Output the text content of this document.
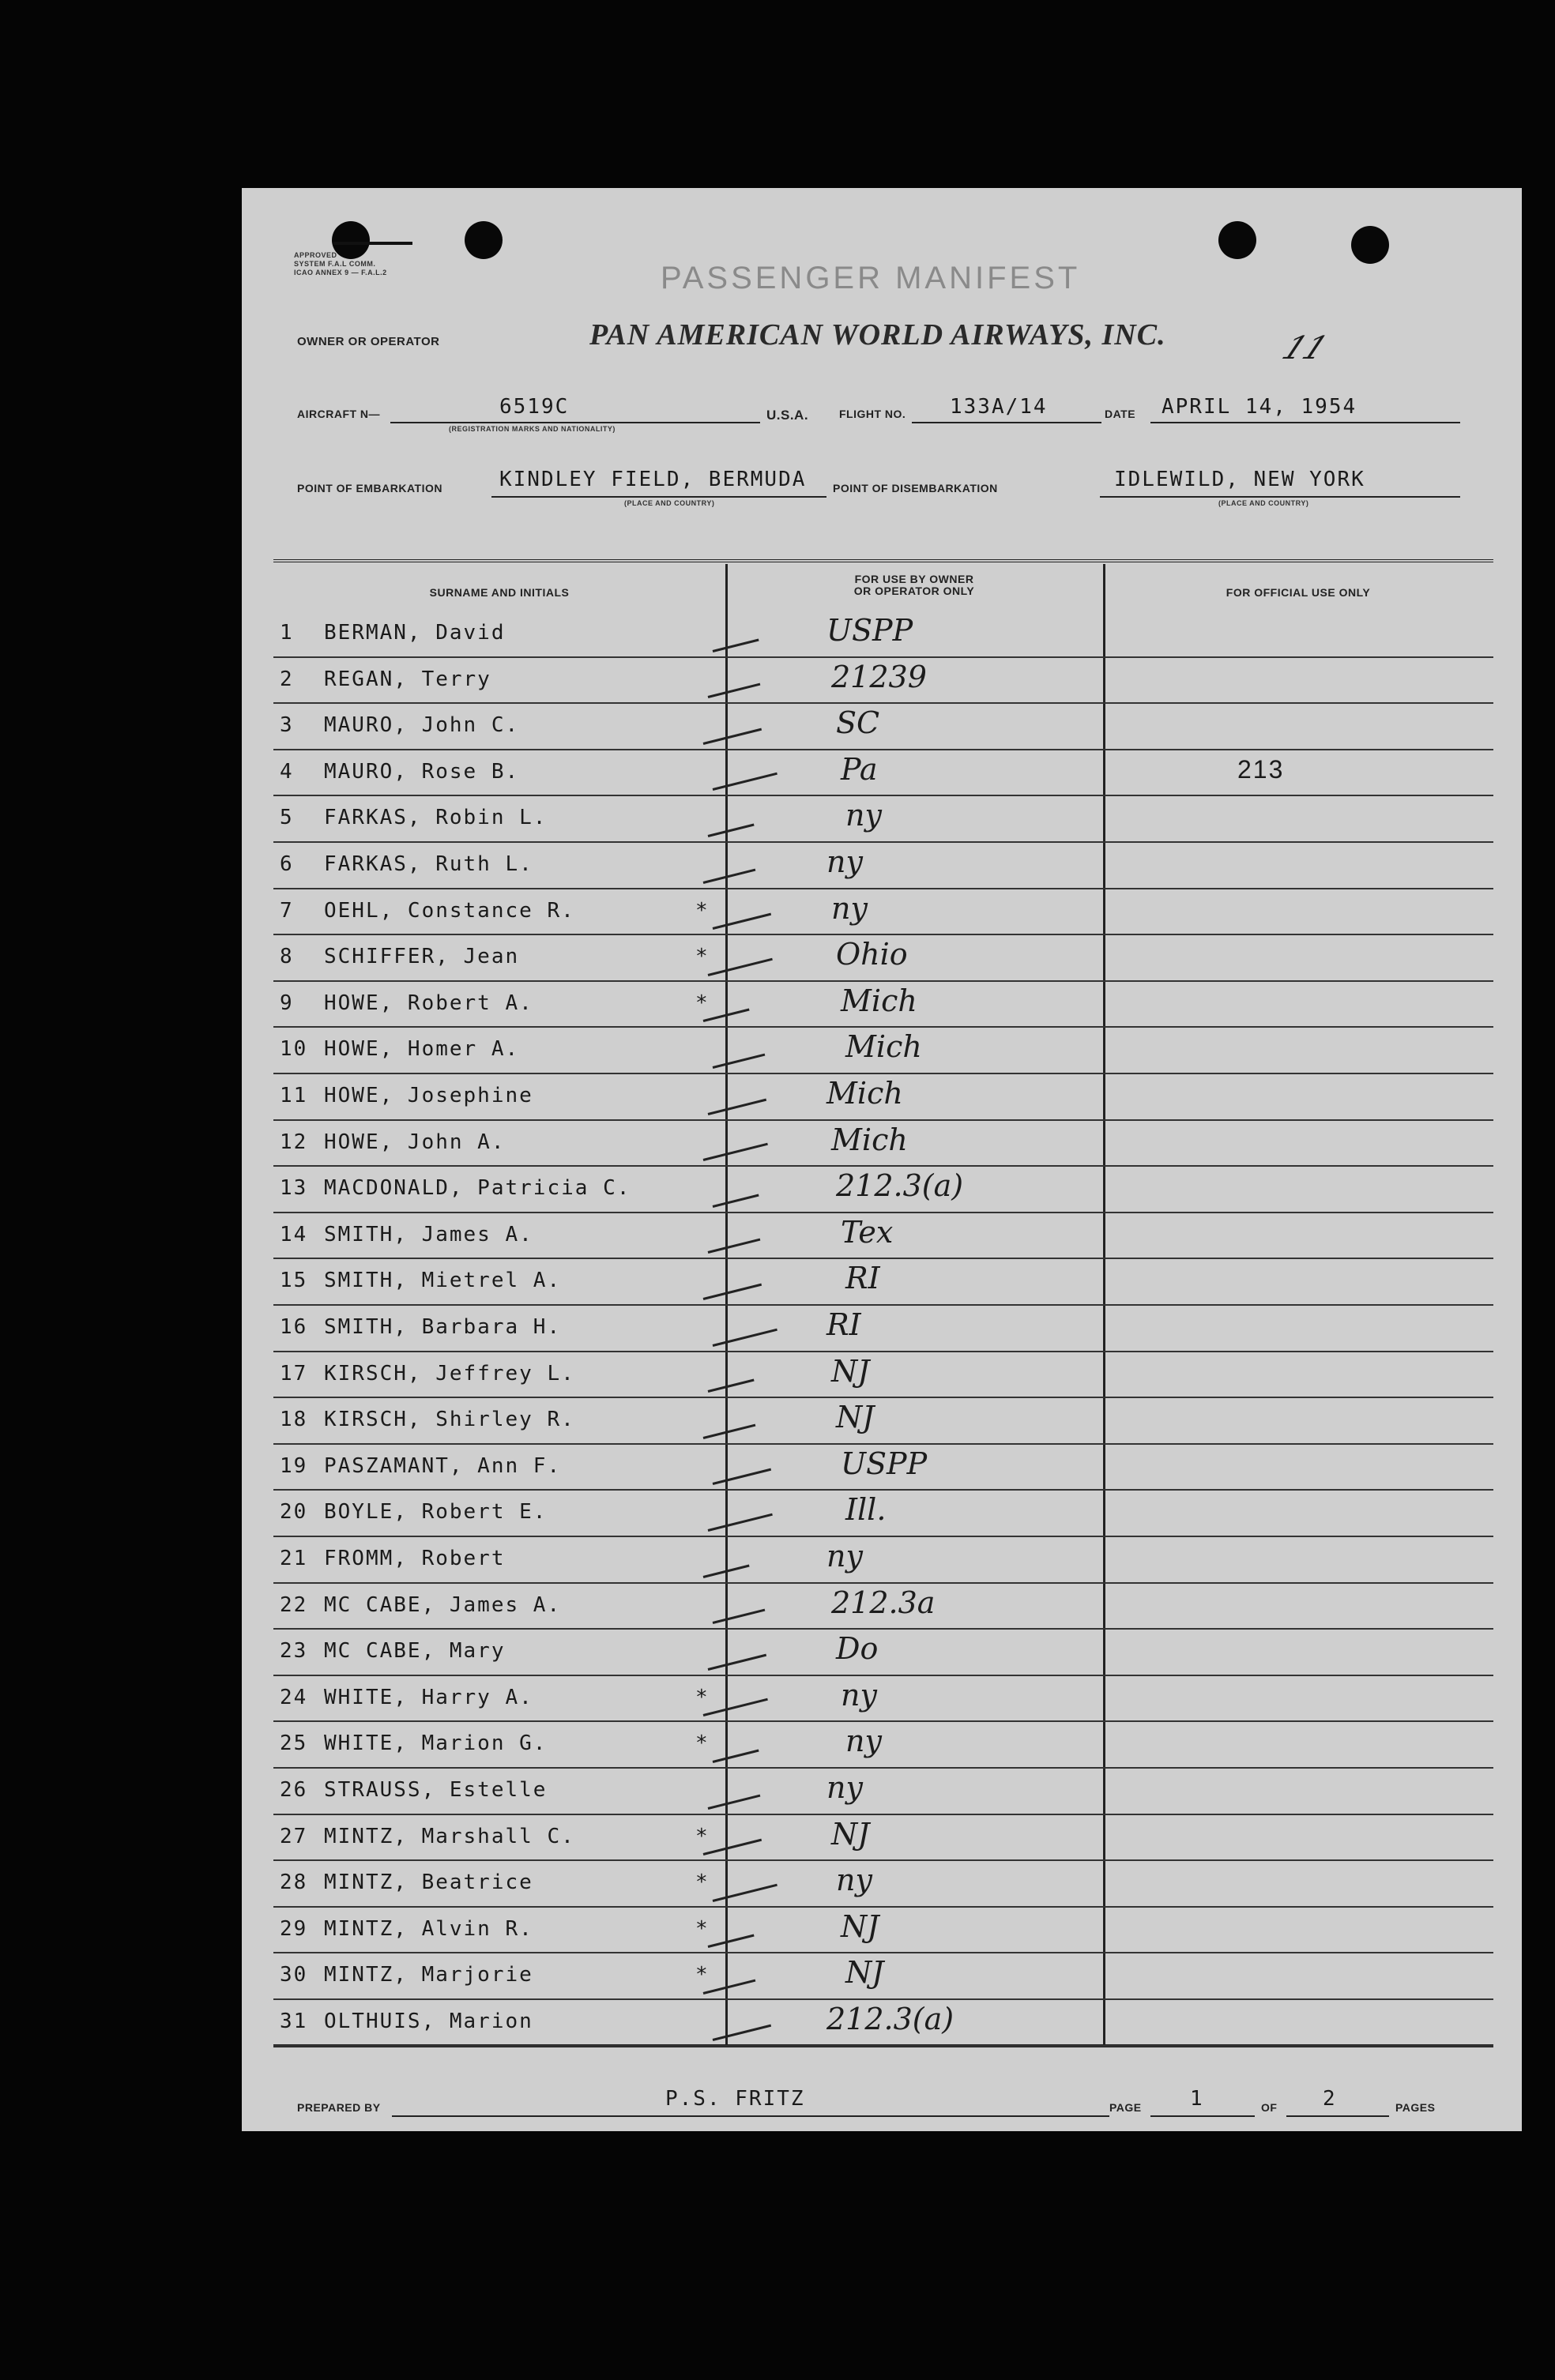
APPROVED
SYSTEM F.A.L COMM.
ICAO ANNEX 9 — F.A.L.2	PASSENGER MANIFEST
OWNER OR OPERATOR	PAN AMERICAN WORLD AIRWAYS, INC.	11
AIRCRAFT N—	6519C
(REGISTRATION MARKS AND NATIONALITY)
U.S.A.	FLIGHT NO. 133A/14	DATE APRIL 14, 1954
POINT OF EMBARKATION	KINDLEY FIELD, BERMUDA
(PLACE AND COUNTRY)
POINT OF DISEMBARKATION	IDLEWILD, NEW YORK
(PLACE AND COUNTRY)
SURNAME AND INITIALS
FOR USE BY OWNER
OR OPERATOR ONLY	FOR OFFICIAL USE ONLY
1	BERMAN, David	USPP
2	REGAN, Terry	21239
3	MAURO, John C.	SC
4	MAURO, Rose B.	Pa	213
5	FARKAS, Robin L.	ny
6	FARKAS, Ruth L.	ny
7	OEHL, Constance R.	*	ny
8	SCHIFFER, Jean	*	Ohio
9	HOWE, Robert A.	*	Mich
10 HOWE, Homer A.	Mich
11 HOWE, Josephine	Mich
12 HOWE, John A.	Mich
13 MACDONALD, Patricia C.	212.3(a)
14 SMITH, James A.	Tex
15 SMITH, Mietrel A.	RI
16 SMITH, Barbara H.	RI
17 KIRSCH, Jeffrey L.	NJ
18 KIRSCH, Shirley R.	NJ
19 PASZAMANT, Ann F.	USPP
20 BOYLE, Robert E.	Ill.
21 FROMM, Robert	ny
22 MC CABE, James A.	212.3a
23 MC CABE, Mary	Do
24 WHITE, Harry A.	*	ny
25 WHITE, Marion G.	*	ny
26 STRAUSS, Estelle	ny
27 MINTZ, Marshall C.	*	NJ
28 MINTZ, Beatrice	*	ny
29 MINTZ, Alvin R.	*	NJ
30 MINTZ, Marjorie	*	NJ
31 OLTHUIS, Marion	212.3(a)
PREPARED BY	P.S. FRITZ	PAGE 1	OF 2	PAGES
